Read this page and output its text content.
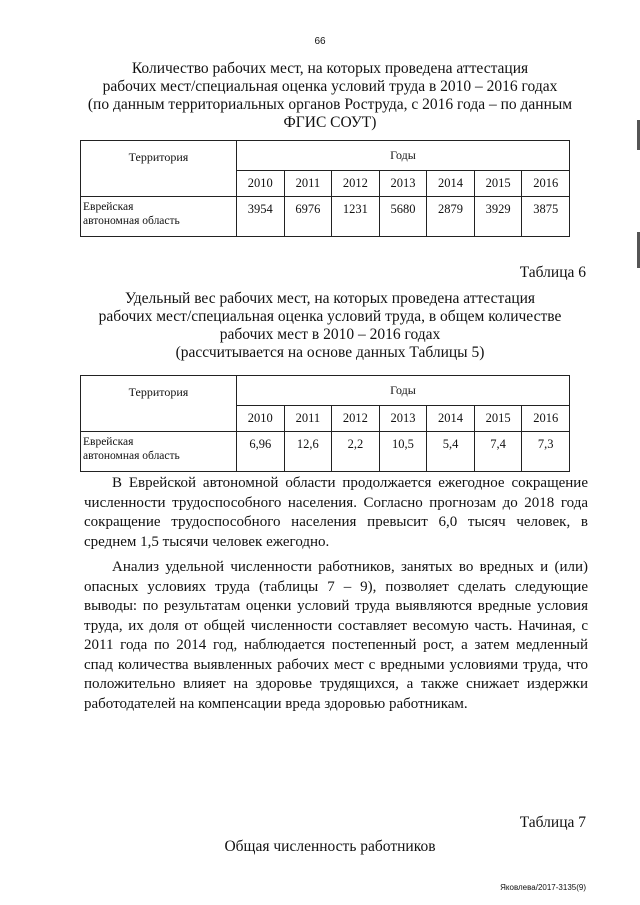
66
Количество рабочих мест, на которых проведена аттестация
рабочих мест/специальная оценка условий труда в 2010 – 2016 годах
(по данным территориальных органов Роструда, с 2016 года – по данным
ФГИС СОУТ)
Территория	Годы						
	2010	2011	2012	2013	2014	2015	2016

Еврейская
автономная область	3954	6976	1231	5680	2879	3929	3875
Таблица 6
Удельный вес рабочих мест, на которых проведена аттестация
рабочих мест/специальная оценка условий труда, в общем количестве
рабочих мест в 2010 – 2016 годах
(рассчитывается на основе данных Таблицы 5)
Территория	Годы						
	2010	2011	2012	2013	2014	2015	2016

Еврейская
автономная область	6,96	12,6	2,2	10,5	5,4	7,4	7,3

В Еврейской автономной области продолжается ежегодное сокращение численности трудоспособного населения. Согласно прогнозам до 2018 года сокращение трудоспособного населения превысит 6,0 тысяч человек, в среднем 1,5 тысячи человек ежегодно.

Анализ удельной численности работников, занятых во вредных и (или) опасных условиях труда (таблицы 7 – 9), позволяет сделать следующие выводы: по результатам оценки условий труда выявляются вредные условия труда, их доля от общей численности составляет весомую часть. Начиная, с 2011 года по 2014 год, наблюдается постепенный рост, а затем медленный спад количества выявленных рабочих мест с вредными условиями труда, что положительно влияет на здоровье трудящихся, а также снижает издержки работодателей на компенсации вреда здоровью работникам.

Таблица 7
Общая численность работников
Яковлева/2017-3135(9)
